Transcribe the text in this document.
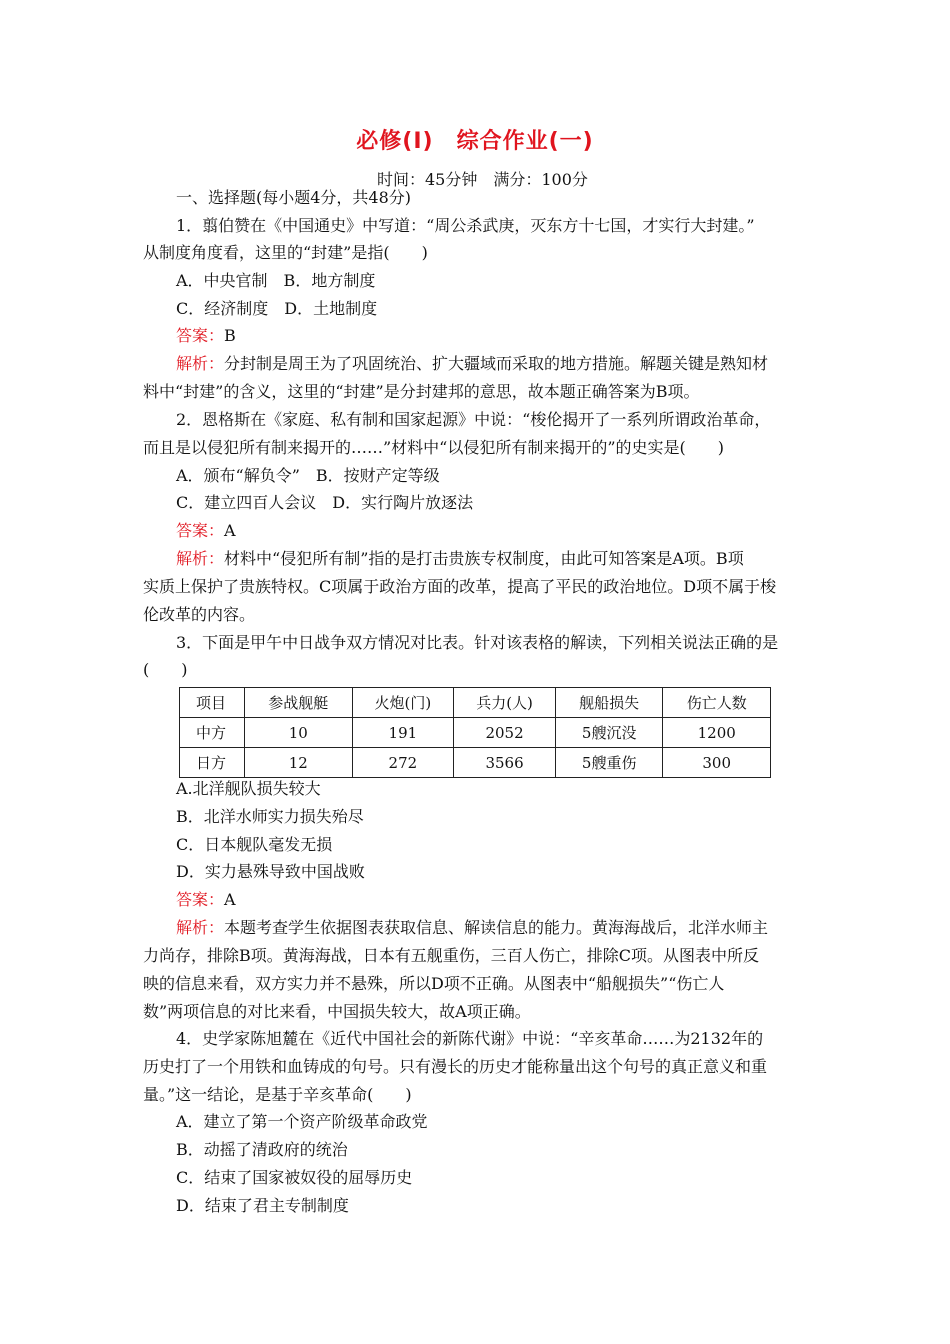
必修(Ⅰ)　综合作业(一)
时间：45分钟　满分：100分
一、选择题(每小题4分，共48分)
1．翦伯赞在《中国通史》中写道：“周公杀武庚，灭东方十七国，才实行大封建。”
从制度角度看，这里的“封建”是指(　　)
A．中央官制　B．地方制度
C．经济制度　D．土地制度
答案：B
解析：分封制是周王为了巩固统治、扩大疆域而采取的地方措施。解题关键是熟知材
料中“封建”的含义，这里的“封建”是分封建邦的意思，故本题正确答案为B项。
2．恩格斯在《家庭、私有制和国家起源》中说：“梭伦揭开了一系列所谓政治革命，
而且是以侵犯所有制来揭开的……”材料中“以侵犯所有制来揭开的”的史实是(　　)
A．颁布“解负令”　B．按财产定等级
C．建立四百人会议　D．实行陶片放逐法
答案：A
解析：材料中“侵犯所有制”指的是打击贵族专权制度，由此可知答案是A项。B项
实质上保护了贵族特权。C项属于政治方面的改革，提高了平民的政治地位。D项不属于梭
伦改革的内容。
3．下面是甲午中日战争双方情况对比表。针对该表格的解读，下列相关说法正确的是
(　　)
项目	参战舰艇	火炮(门)	兵力(人)	舰船损失	伤亡人数
中方	10	191	2052	5艘沉没	1200
日方	12	272	3566	5艘重伤	300
A.北洋舰队损失较大
B．北洋水师实力损失殆尽
C．日本舰队毫发无损
D．实力悬殊导致中国战败
答案：A
解析：本题考查学生依据图表获取信息、解读信息的能力。黄海海战后，北洋水师主
力尚存，排除B项。黄海海战，日本有五舰重伤，三百人伤亡，排除C项。从图表中所反
映的信息来看，双方实力并不悬殊，所以D项不正确。从图表中“船舰损失”“伤亡人
数”两项信息的对比来看，中国损失较大，故A项正确。
4．史学家陈旭麓在《近代中国社会的新陈代谢》中说：“辛亥革命……为2132年的
历史打了一个用铁和血铸成的句号。只有漫长的历史才能称量出这个句号的真正意义和重
量。”这一结论，是基于辛亥革命(　　)
A．建立了第一个资产阶级革命政党
B．动摇了清政府的统治
C．结束了国家被奴役的屈辱历史
D．结束了君主专制制度
